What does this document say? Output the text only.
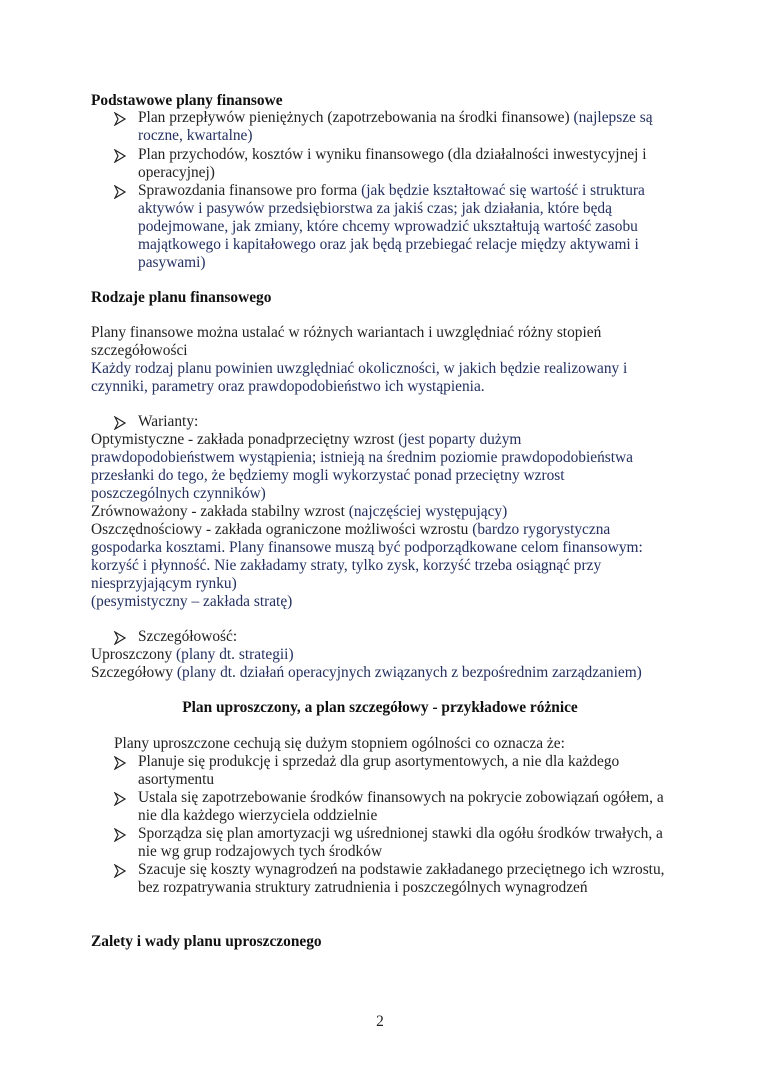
Podstawowe plany finansowe
Plan przepływów pieniężnych (zapotrzebowania na środki finansowe) (najlepsze są
roczne, kwartalne)
Plan przychodów, kosztów i wyniku finansowego (dla działalności inwestycyjnej i
operacyjnej)
Sprawozdania finansowe pro forma (jak będzie kształtować się wartość i struktura
aktywów i pasywów przedsiębiorstwa za jakiś czas; jak działania, które będą
podejmowane, jak zmiany, które chcemy wprowadzić ukształtują wartość zasobu
majątkowego i kapitałowego oraz jak będą przebiegać relacje między aktywami i
pasywami)
Rodzaje planu finansowego
Plany finansowe można ustalać w różnych wariantach i uwzględniać różny stopień
szczegółowości
Każdy rodzaj planu powinien uwzględniać okoliczności, w jakich będzie realizowany i
czynniki, parametry oraz prawdopodobieństwo ich wystąpienia.
Warianty:
Optymistyczne - zakłada ponadprzeciętny wzrost (jest poparty dużym
prawdopodobieństwem wystąpienia; istnieją na średnim poziomie prawdopodobieństwa
przesłanki do tego, że będziemy mogli wykorzystać ponad przeciętny wzrost
poszczególnych czynników)
Zrównoważony - zakłada stabilny wzrost (najczęściej występujący)
Oszczędnościowy - zakłada ograniczone możliwości wzrostu (bardzo rygorystyczna
gospodarka kosztami. Plany finansowe muszą być podporządkowane celom finansowym:
korzyść i płynność. Nie zakładamy straty, tylko zysk, korzyść trzeba osiągnąć przy
niesprzyjającym rynku)
(pesymistyczny – zakłada stratę)
Szczegółowość:
Uproszczony (plany dt. strategii)
Szczegółowy (plany dt. działań operacyjnych związanych z bezpośrednim zarządzaniem)
Plan uproszczony, a plan szczegółowy - przykładowe różnice
Plany uproszczone cechują się dużym stopniem ogólności co oznacza że:
Planuje się produkcję i sprzedaż dla grup asortymentowych, a nie dla każdego
asortymentu
Ustala się zapotrzebowanie środków finansowych na pokrycie zobowiązań ogółem, a
nie dla każdego wierzyciela oddzielnie
Sporządza się plan amortyzacji wg uśrednionej stawki dla ogółu środków trwałych, a
nie wg grup rodzajowych tych środków
Szacuje się koszty wynagrodzeń na podstawie zakładanego przeciętnego ich wzrostu,
bez rozpatrywania struktury zatrudnienia i poszczególnych wynagrodzeń
Zalety i wady planu uproszczonego
2
